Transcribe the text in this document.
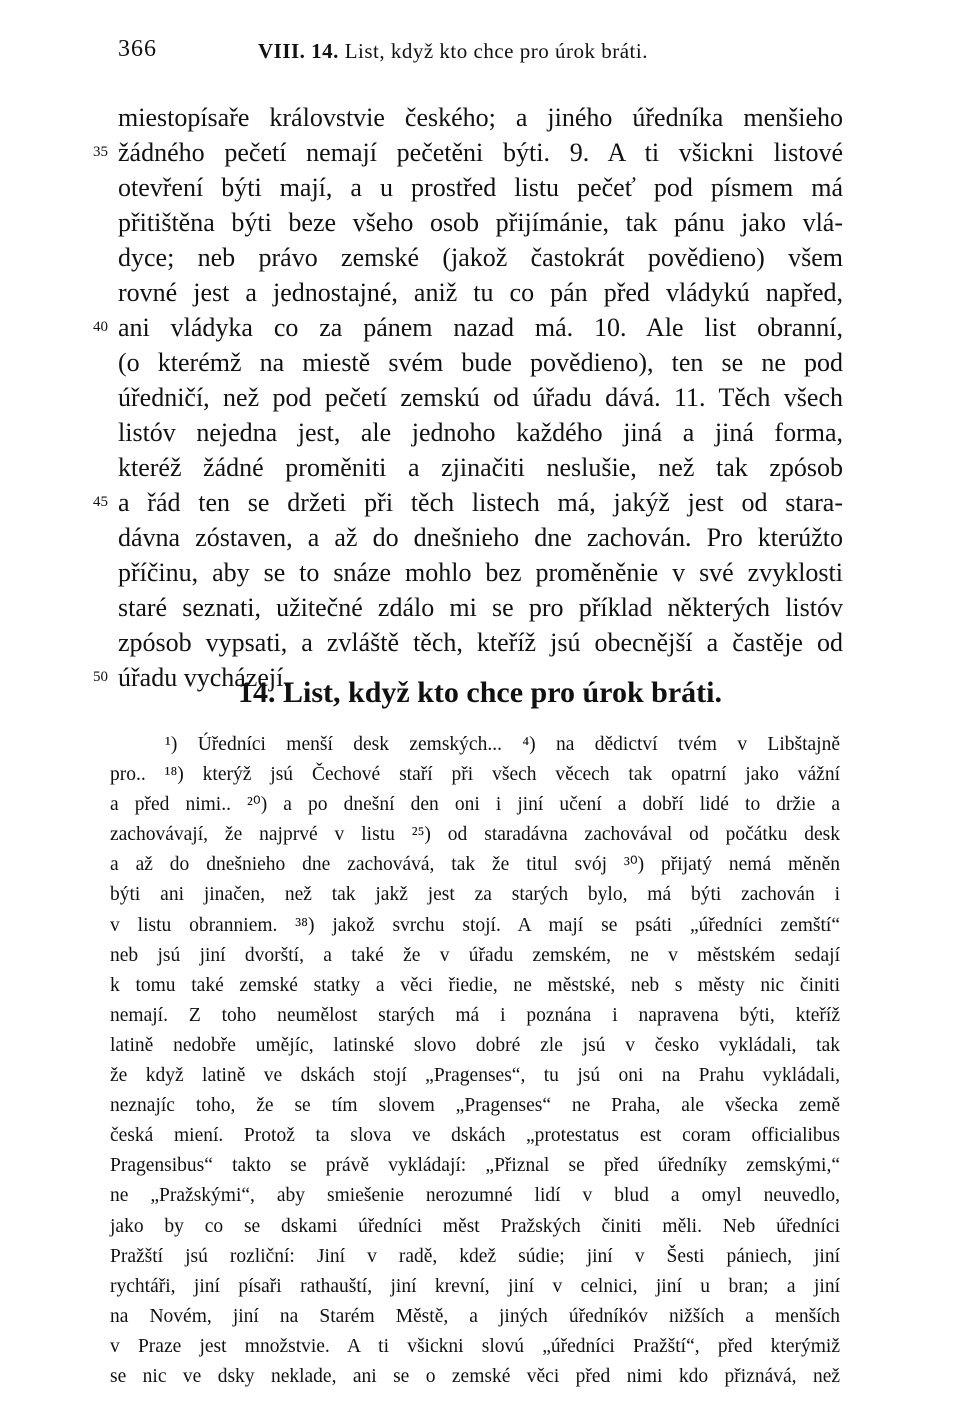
366	VIII. 14. List, když kto chce pro úrok bráti.
miestopísaře královstvie českého; a jiného úředníka menšieho
35 žádného pečetí nemají pečetěni býti. 9. A ti všickni listové
otevření býti mají, a u prostřed listu pečeť pod písmem má
přitištěna býti beze všeho osob přijímánie, tak pánu jako vlá-
dyce; neb právo zemské (jakož častokrát povědieno) všem
rovné jest a jednostajné, aniž tu co pán před vládykú napřed,
40 ani vládyka co za pánem nazad má. 10. Ale list obranní,
(o kterémž na miestě svém bude povědieno), ten se ne pod
úředničí, než pod pečetí zemskú od úřadu dává. 11. Těch všech
listóv nejedna jest, ale jednoho každého jiná a jiná forma,
kteréž žádné proměniti a zjinačiti neslušie, než tak zpósob
45 a řád ten se držeti při těch listech má, jakýž jest od stara-
dávna zóstaven, a až do dnešnieho dne zachován. Pro kterúžto
příčinu, aby se to snáze mohlo bez proměněnie v své zvyklosti
staré seznati, užitečné zdálo mi se pro příklad některých listóv
zpósob vypsati, a zvláště těch, kteříž jsú obecnější a častěje od
50 úřadu vycházejí.
14. List, když kto chce pro úrok bráti.
¹) Úředníci menší desk zemských... ⁴) na dědictví tvém v Libštajně
pro.. ¹⁸) kterýž jsú Čechové staří při všech věcech tak opatrní jako vážní
a před nimi.. ²⁰) a po dnešní den oni i jiní učení a dobří lidé to držie a
zachovávají, že najprvé v listu ²⁵) od staradávna zachovával od počátku desk
a až do dnešnieho dne zachovává, tak že titul svój ³⁰) přijatý nemá měněn
býti ani jinačen, než tak jakž jest za starých bylo, má býti zachován i
v listu obranniem. ³⁸) jakož svrchu stojí. A mají se psáti „úředníci zemští“
neb jsú jiní dvorští, a také že v úřadu zemském, ne v městském sedají
k tomu také zemské statky a věci řiedie, ne městské, neb s městy nic činiti
nemají. Z toho neumělost starých má i poznána i napravena býti, kteříž
latině nedobře umějíc, latinské slovo dobré zle jsú v česko vykládali, tak
že když latině ve dskách stojí „Pragenses“, tu jsú oni na Prahu vykládali,
neznajíc toho, že se tím slovem „Pragenses“ ne Praha, ale všecka země
česká miení. Protož ta slova ve dskách „protestatus est coram officialibus
Pragensibus“ takto se právě vykládají: „Přiznal se před úředníky zemskými,“
ne „Pražskými“, aby smiešenie nerozumné lidí v blud a omyl neuvedlo,
jako by co se dskami úředníci měst Pražských činiti měli. Neb úředníci
Pražští jsú rozliční: Jiní v radě, kdež súdie; jiní v Šesti pániech, jiní
rychtáři, jiní písaři rathauští, jiní krevní, jiní v celnici, jiní u bran; a jiní
na Novém, jiní na Starém Městě, a jiných úředníkóv nižších a menších
v Praze jest množstvie. A ti všickni slovú „úředníci Pražští“, před kterýmiž
se nic ve dsky neklade, ani se o zemské věci před nimi kdo přiznává, než
